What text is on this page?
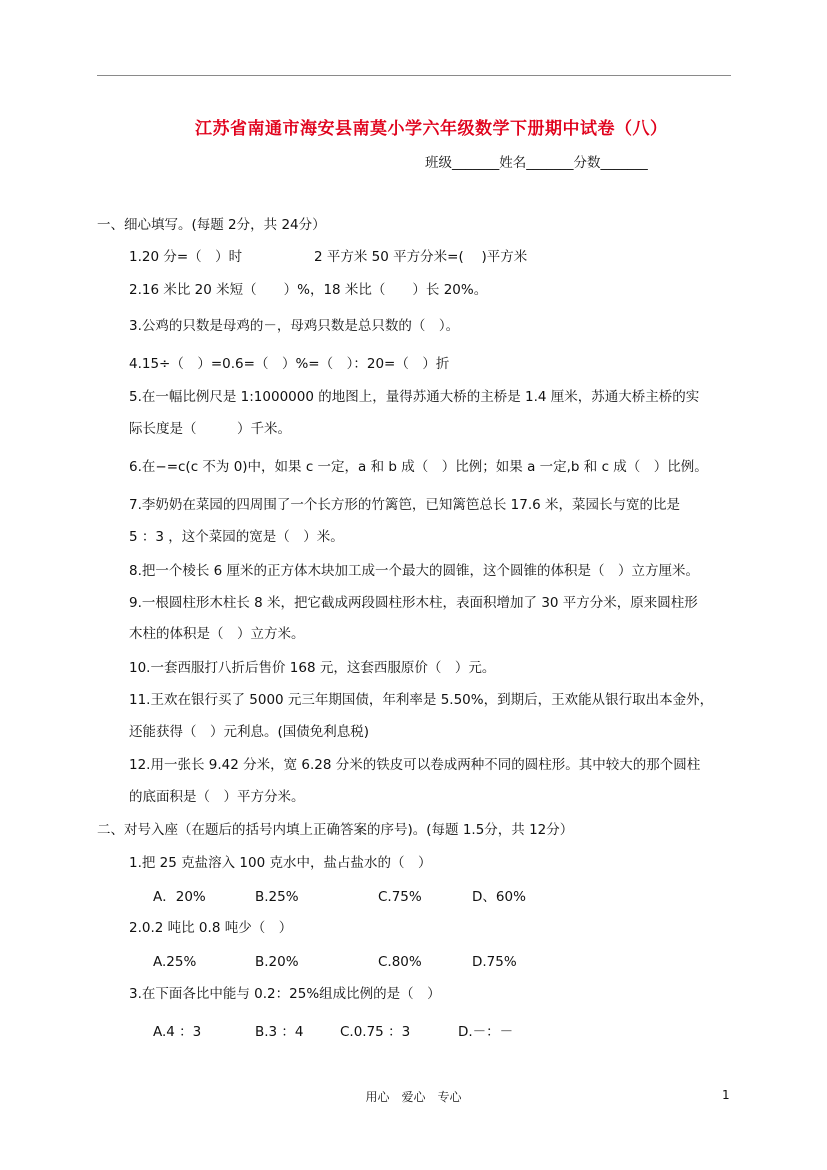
江苏省南通市海安县南莫小学六年级数学下册期中试卷（八）
班级_______姓名_______分数_______
一、细心填写。(每题 2分，共 24分）
1.20 分=（　）时	2 平方米 50 平方分米=(　 )平方米
2.16 米比 20 米短（　　）%，18 米比（　　）长 20%。
3.公鸡的只数是母鸡的－，母鸡只数是总只数的（　）。
4.15÷（　）=0.6=（　）%=（　）：20=（　）折
5.在一幅比例尺是 1:1000000 的地图上，量得苏通大桥的主桥是 1.4 厘米，苏通大桥主桥的实
际长度是（　　　）千米。
6.在−=c(c 不为 0)中，如果 c 一定，a 和 b 成（　）比例；如果 a 一定,b 和 c 成（　）比例。
7.李奶奶在菜园的四周围了一个长方形的竹篱笆，已知篱笆总长 17.6 米，菜园长与宽的比是
5 ：3 ，这个菜园的宽是（　）米。
8.把一个棱长 6 厘米的正方体木块加工成一个最大的圆锥，这个圆锥的体积是（　）立方厘米。
9.一根圆柱形木柱长 8 米，把它截成两段圆柱形木柱，表面积增加了 30 平方分米，原来圆柱形
木柱的体积是（　）立方米。
10.一套西服打八折后售价 168 元，这套西服原价（　）元。
11.王欢在银行买了 5000 元三年期国债，年利率是 5.50%，到期后，王欢能从银行取出本金外，
还能获得（　）元利息。(国债免利息税)
12.用一张长 9.42 分米，宽 6.28 分米的铁皮可以卷成两种不同的圆柱形。其中较大的那个圆柱
的底面积是（　）平方分米。
二、对号入座（在题后的括号内填上正确答案的序号)。(每题 1.5分，共 12分）
1.把 25 克盐溶入 100 克水中，盐占盐水的（　）
A．20%	B.25%	C.75%	D、60%
2.0.2 吨比 0.8 吨少（　）
A.25%	B.20%	C.80%	D.75%
3.在下面各比中能与 0.2：25%组成比例的是（　）
A.4 ：3	B.3 ：4	C.0.75 ：3	D.－：－
用心　爱心　专心	1
